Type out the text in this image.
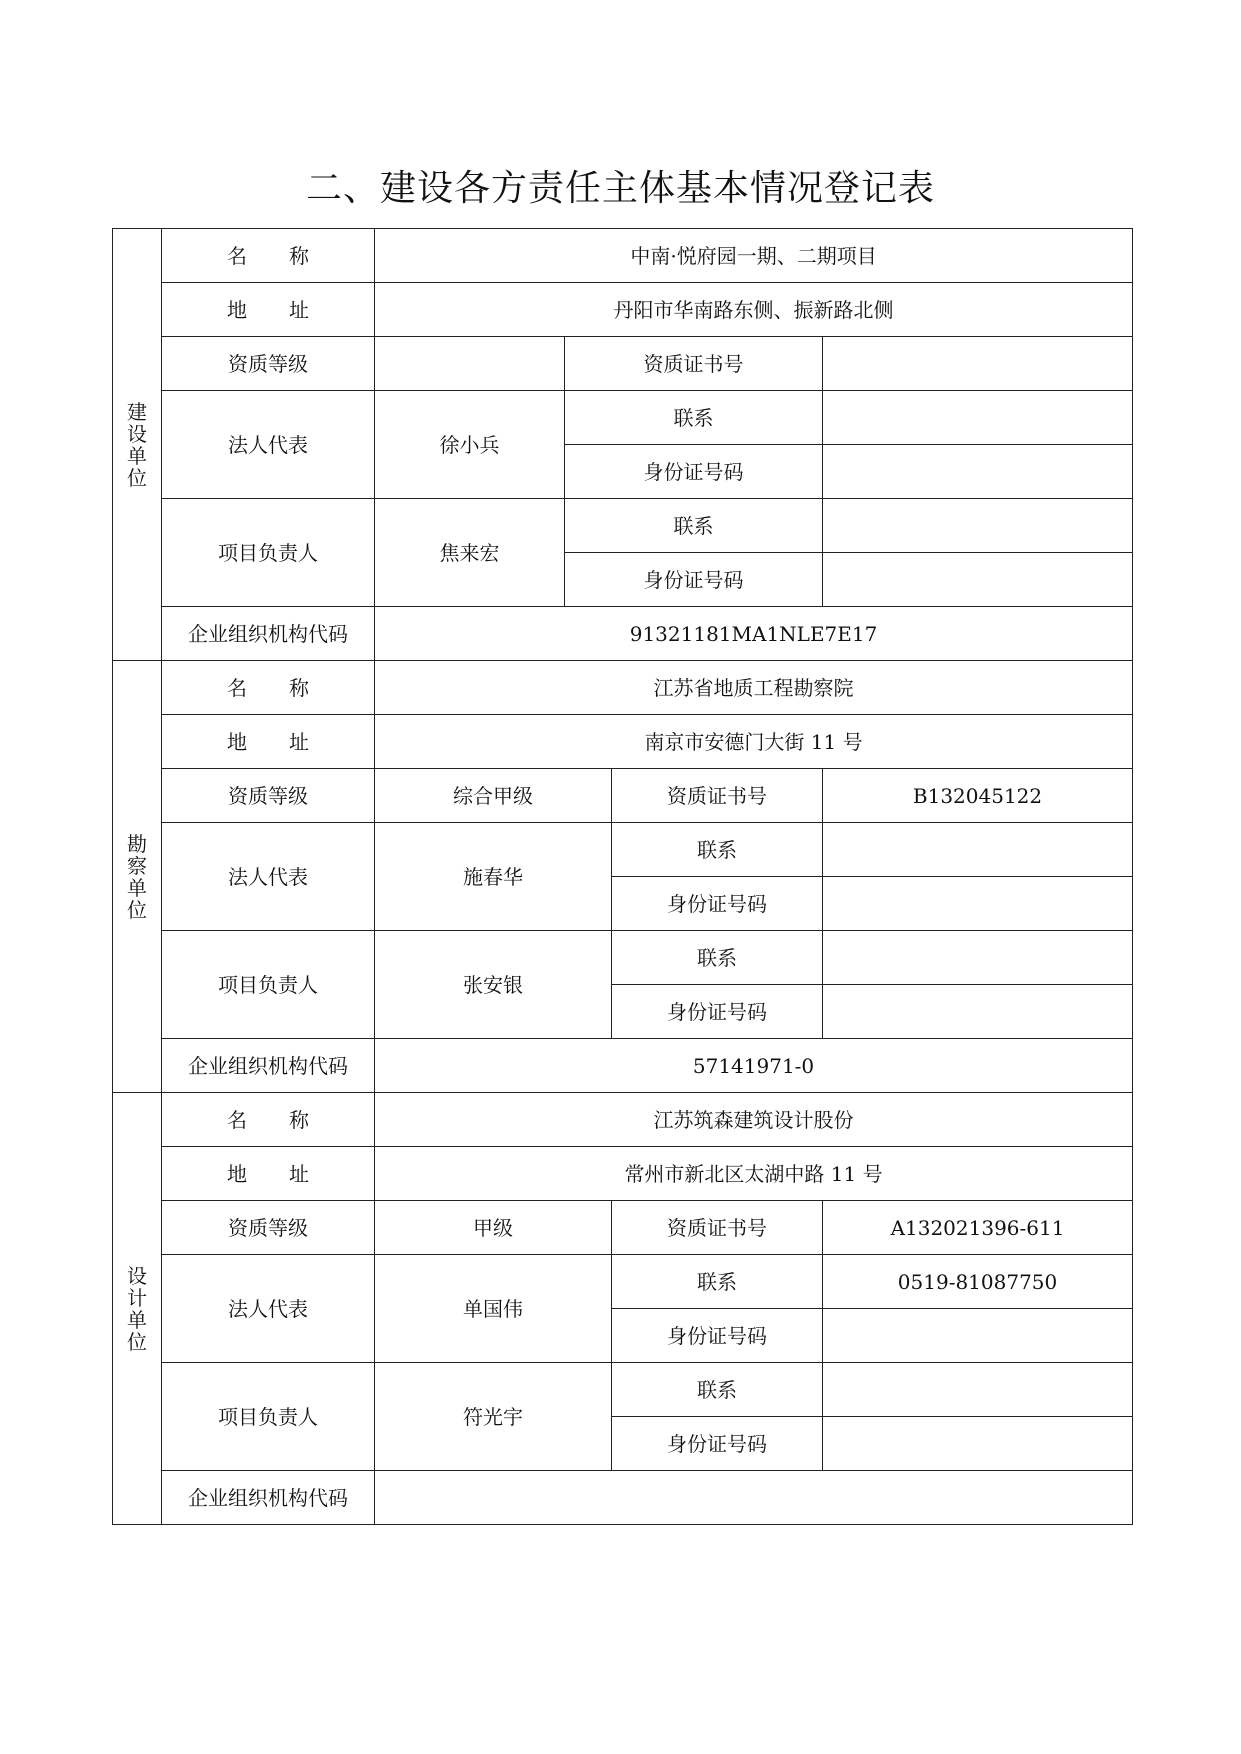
二、建设各方责任主体基本情况登记表
建设单位	名称	中南·悦府园一期、二期项目			
	地址	丹阳市华南路东侧、振新路北侧			
	资质等级		资质证书号		
	法人代表	徐小兵	联系		
			身份证号码		
	项目负责人	焦来宏	联系		
			身份证号码		
	企业组织机构代码	91321181MA1NLE7E17			
勘察单位	名称	江苏省地质工程勘察院			
	地址	南京市安德门大街 11 号			
	资质等级	综合甲级		资质证书号	B132045122
	法人代表	施春华		联系	
				身份证号码	
	项目负责人	张安银		联系	
				身份证号码	
	企业组织机构代码	57141971-0			
设计单位	名称	江苏筑森建筑设计股份			
	地址	常州市新北区太湖中路 11 号			
	资质等级	甲级		资质证书号	A132021396-611
	法人代表	单国伟		联系	0519-81087750
				身份证号码	
	项目负责人	符光宇		联系	
				身份证号码	
	企业组织机构代码				
